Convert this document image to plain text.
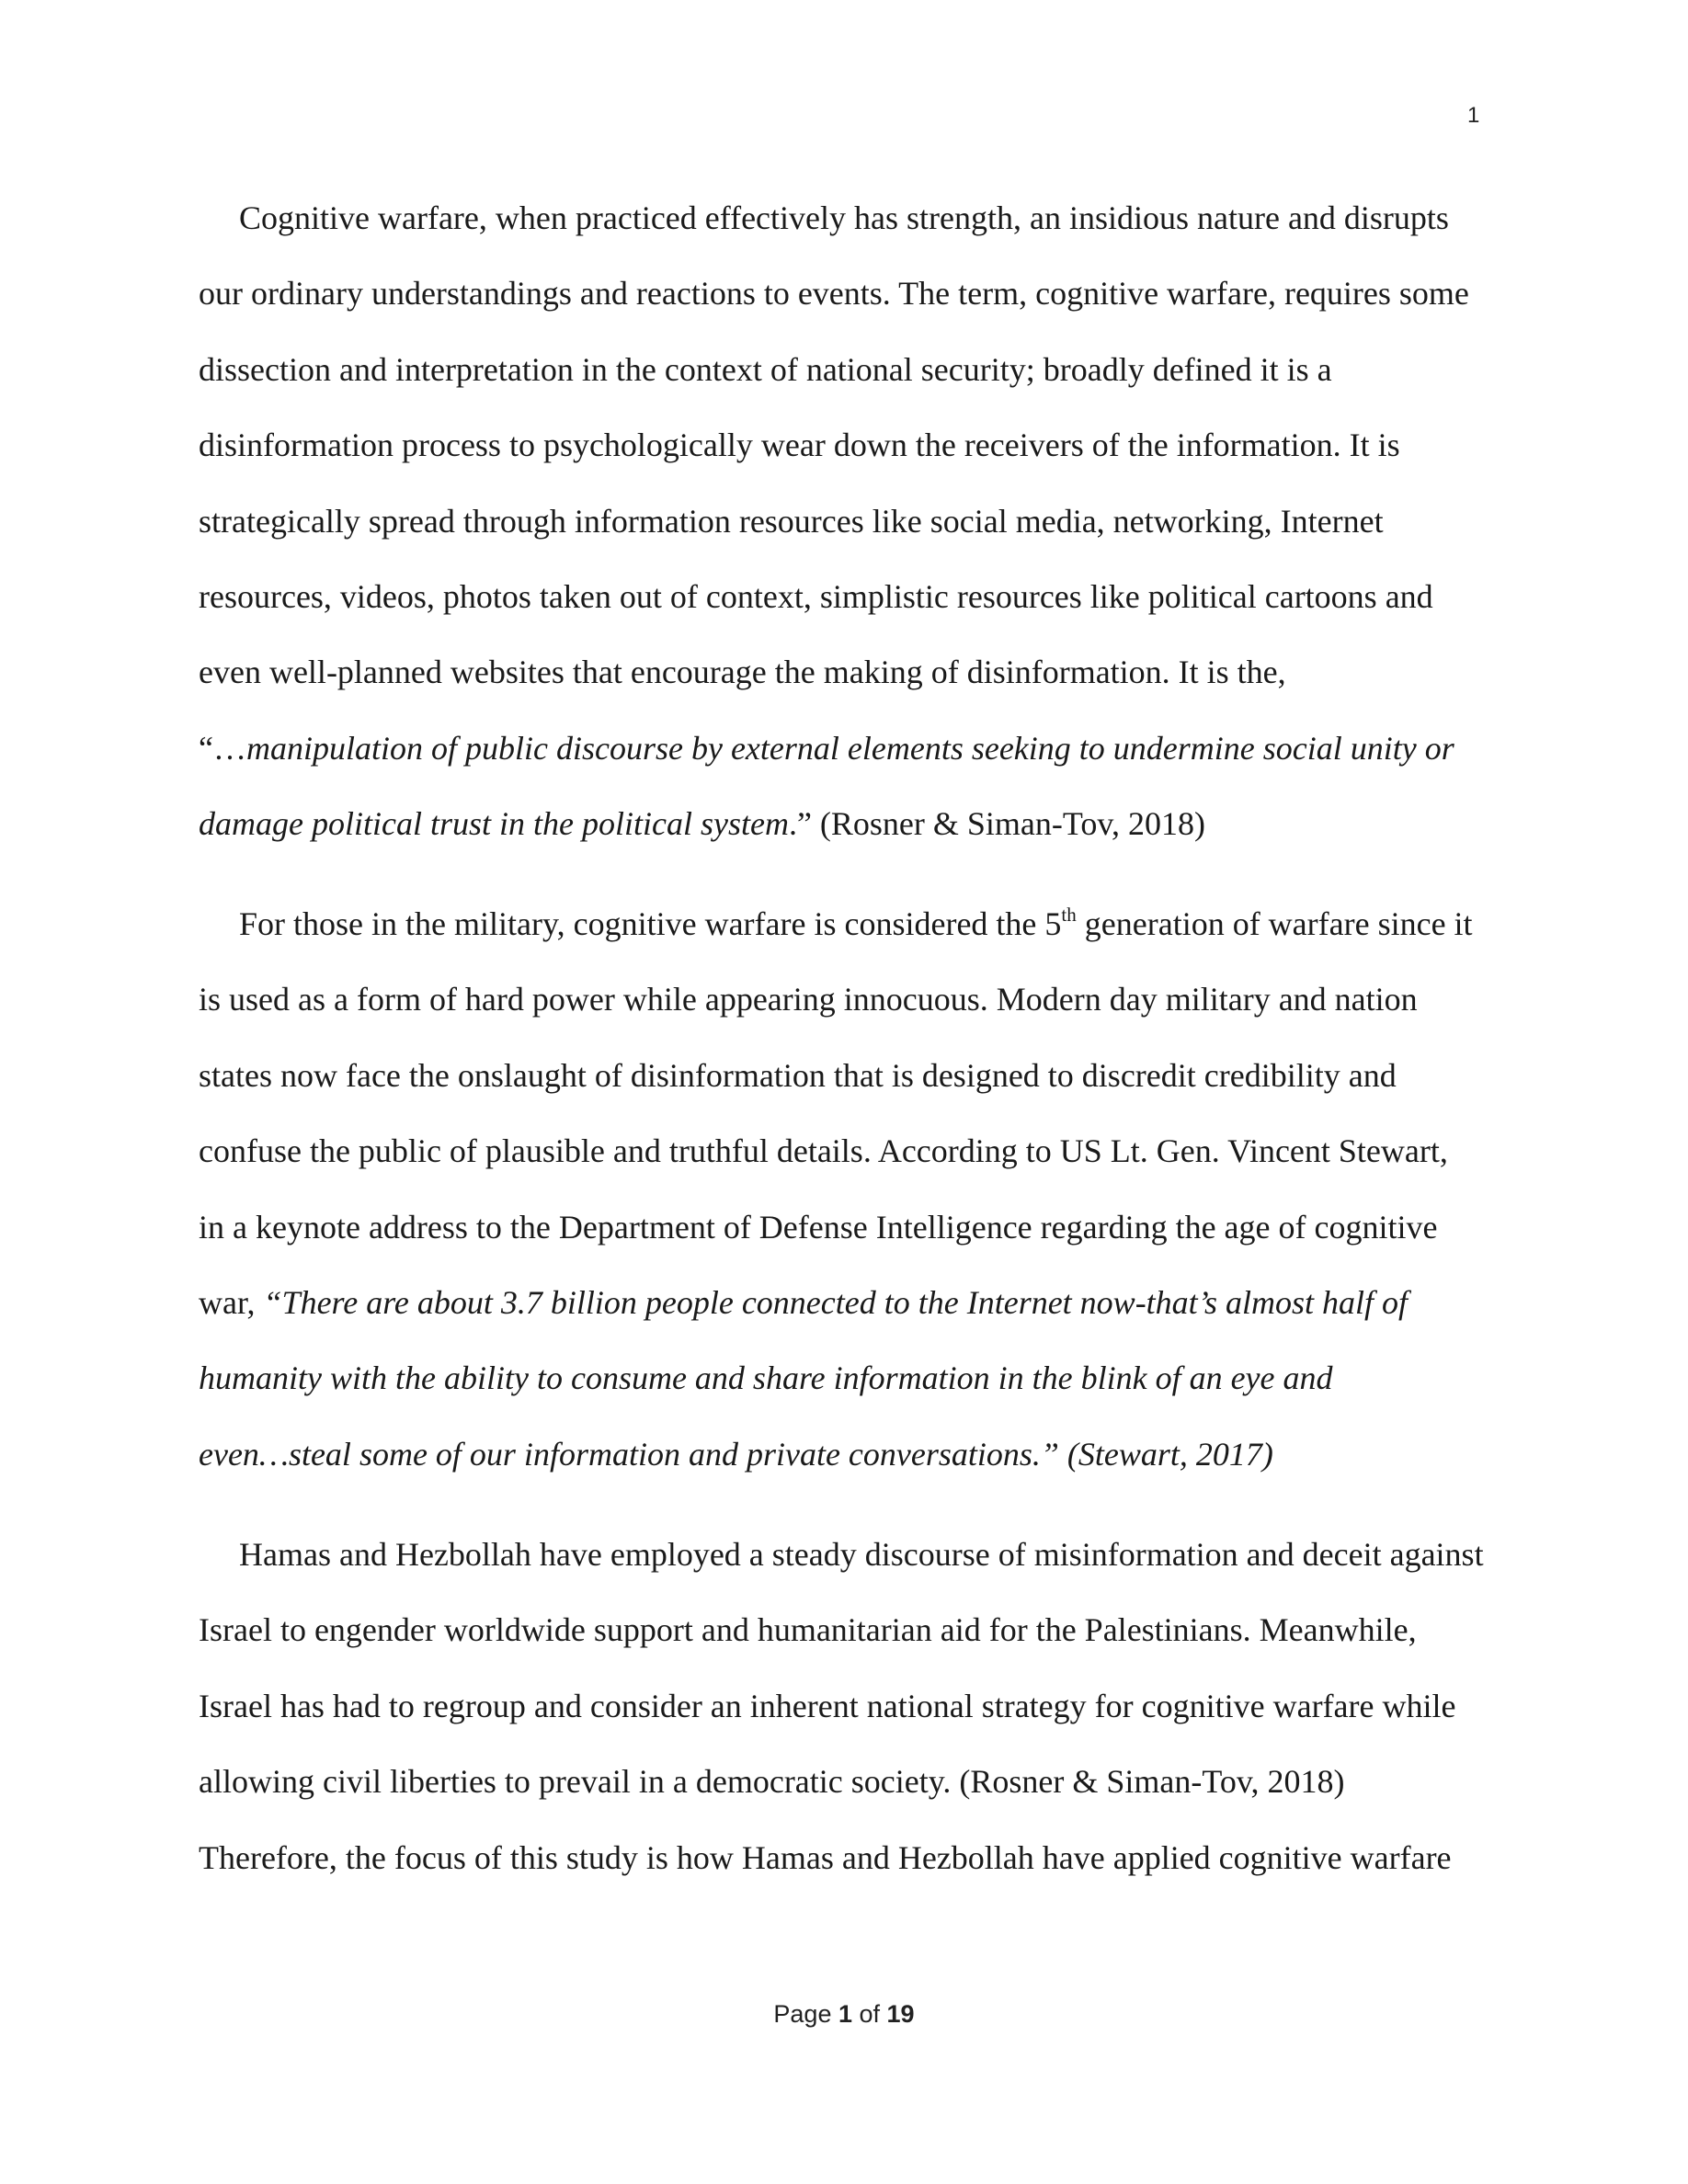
1
Cognitive warfare, when practiced effectively has strength, an insidious nature and disrupts
our ordinary understandings and reactions to events. The term, cognitive warfare, requires some
dissection and interpretation in the context of national security; broadly defined it is a
disinformation process to psychologically wear down the receivers of the information. It is
strategically spread through information resources like social media, networking, Internet
resources, videos, photos taken out of context, simplistic resources like political cartoons and
even well-planned websites that encourage the making of disinformation. It is the,
“…manipulation of public discourse by external elements seeking to undermine social unity or
damage political trust in the political system.” (Rosner & Siman-Tov, 2018)
For those in the military, cognitive warfare is considered the 5th generation of warfare since it
is used as a form of hard power while appearing innocuous. Modern day military and nation
states now face the onslaught of disinformation that is designed to discredit credibility and
confuse the public of plausible and truthful details. According to US Lt. Gen. Vincent Stewart,
in a keynote address to the Department of Defense Intelligence regarding the age of cognitive
war, “There are about 3.7 billion people connected to the Internet now-that’s almost half of
humanity with the ability to consume and share information in the blink of an eye and
even…steal some of our information and private conversations.” (Stewart, 2017)
Hamas and Hezbollah have employed a steady discourse of misinformation and deceit against
Israel to engender worldwide support and humanitarian aid for the Palestinians. Meanwhile,
Israel has had to regroup and consider an inherent national strategy for cognitive warfare while
allowing civil liberties to prevail in a democratic society. (Rosner & Siman-Tov, 2018)
Therefore, the focus of this study is how Hamas and Hezbollah have applied cognitive warfare
Page 1 of 19
